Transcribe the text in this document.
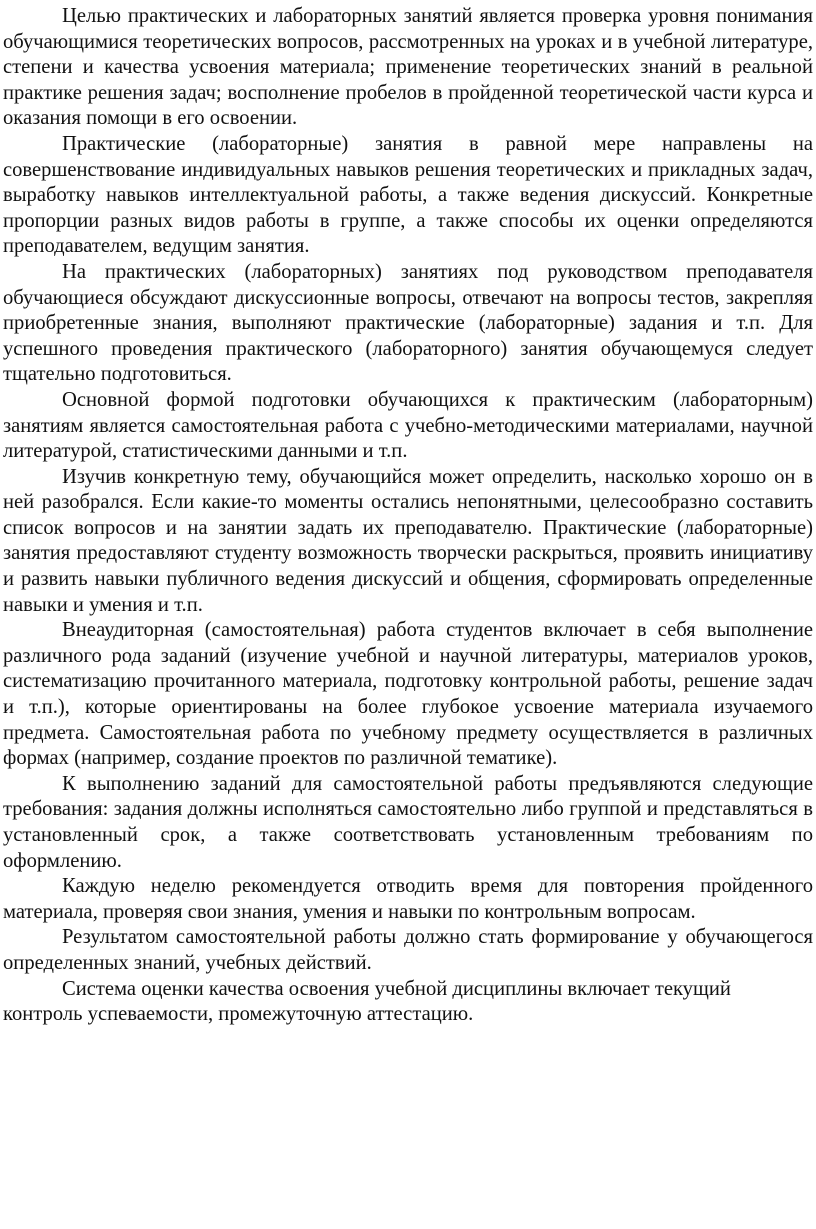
Целью практических и лабораторных занятий является проверка уровня понимания обучающимися теоретических вопросов, рассмотренных на уроках и в учебной литературе, степени и качества усвоения материала; применение теоретических знаний в реальной практике решения задач; восполнение пробелов в пройденной теоретической части курса и оказания помощи в его освоении.

Практические (лабораторные) занятия в равной мере направлены на совершенствование индивидуальных навыков решения теоретических и прикладных задач, выработку навыков интеллектуальной работы, а также ведения дискуссий. Конкретные пропорции разных видов работы в группе, а также способы их оценки определяются преподавателем, ведущим занятия.

На практических (лабораторных) занятиях под руководством преподавателя обучающиеся обсуждают дискуссионные вопросы, отвечают на вопросы тестов, закрепляя приобретенные знания, выполняют практические (лабораторные) задания и т.п. Для успешного проведения практического (лабораторного) занятия обучающемуся следует тщательно подготовиться.

Основной формой подготовки обучающихся к практическим (лабораторным) занятиям является самостоятельная работа с учебно-методическими материалами, научной литературой, статистическими данными и т.п.

Изучив конкретную тему, обучающийся может определить, насколько хорошо он в ней разобрался. Если какие-то моменты остались непонятными, целесообразно составить список вопросов и на занятии задать их преподавателю. Практические (лабораторные) занятия предоставляют студенту возможность творчески раскрыться, проявить инициативу и развить навыки публичного ведения дискуссий и общения, сформировать определенные навыки и умения и т.п.

Внеаудиторная (самостоятельная) работа студентов включает в себя выполнение различного рода заданий (изучение учебной и научной литературы, материалов уроков, систематизацию прочитанного материала, подготовку контрольной работы, решение задач и т.п.), которые ориентированы на более глубокое усвоение материала изучаемого предмета. Самостоятельная работа по учебному предмету осуществляется в различных формах (например, создание проектов по различной тематике).

К выполнению заданий для самостоятельной работы предъявляются следующие требования: задания должны исполняться самостоятельно либо группой и представляться в установленный срок, а также соответствовать установленным требованиям по оформлению.

Каждую неделю рекомендуется отводить время для повторения пройденного материала, проверяя свои знания, умения и навыки по контрольным вопросам.

Результатом самостоятельной работы должно стать формирование у обучающегося определенных знаний, учебных действий.

Система оценки качества освоения учебной дисциплины включает текущий контроль успеваемости, промежуточную аттестацию.
